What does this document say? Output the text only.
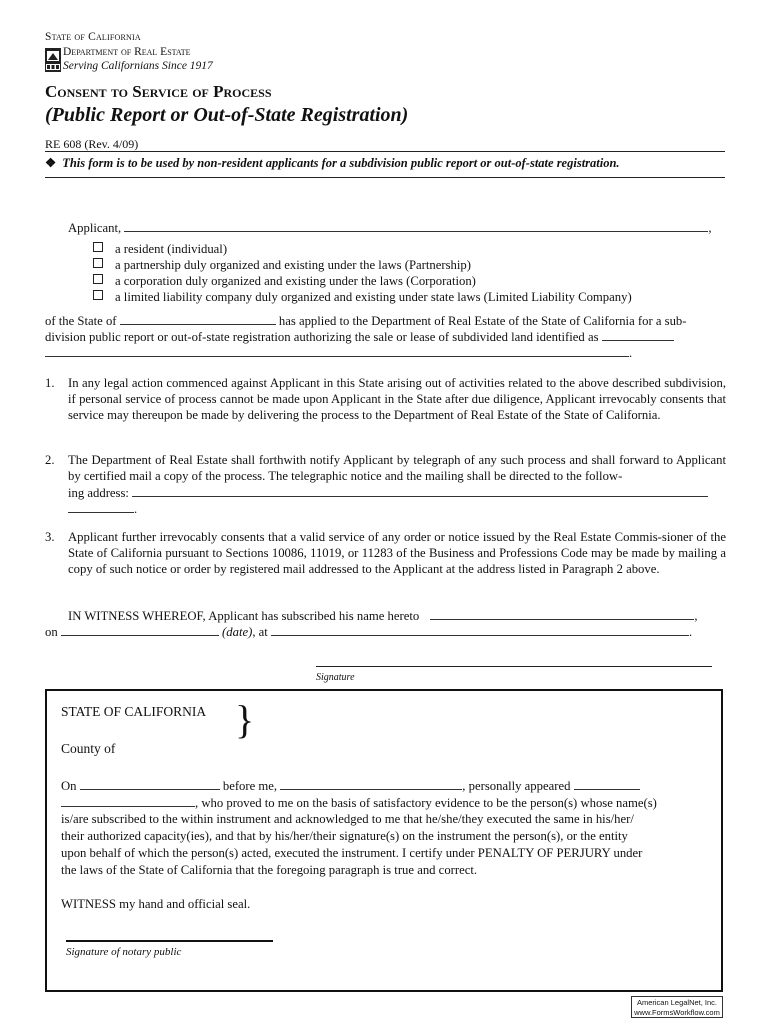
State of California
Department of Real Estate
Serving Californians Since 1917
Consent to Service of Process
(Public Report or Out-of-State Registration)
RE 608 (Rev. 4/09)
❖ This form is to be used by non-resident applicants for a subdivision public report or out-of-state registration.
Applicant,	,
a resident (individual)
a partnership duly organized and existing under the laws (Partnership)
a corporation duly organized and existing under the laws (Corporation)
a limited liability company duly organized and existing under state laws (Limited Liability Company)
of the State of	has applied to the Department of Real Estate of the State of California for a sub-
division public report or out-of-state registration authorizing the sale or lease of subdivided land identified as
.
1. In any legal action commenced against Applicant in this State arising out of activities related to the above described subdivision, if personal service of process cannot be made upon Applicant in the State after due diligence, Applicant irrevocably consents that service may thereupon be made by delivering the process to the Department of Real Estate of the State of California.
2. The Department of Real Estate shall forthwith notify Applicant by telegraph of any such process and shall forward to Applicant by certified mail a copy of the process. The telegraphic notice and the mailing shall be directed to the follow-
ing address:
.
3. Applicant further irrevocably consents that a valid service of any order or notice issued by the Real Estate Commis-sioner of the State of California pursuant to Sections 10086, 11019, or 11283 of the Business and Professions Code may be made by mailing a copy of such notice or order by registered mail addressed to the Applicant at the address listed in Paragraph 2 above.
IN WITNESS WHEREOF, Applicant has subscribed his name hereto	,
on	(date), at	.
Signature
STATE OF CALIFORNIA }
County of
On	before me,	, personally appeared
, who proved to me on the basis of satisfactory evidence to be the person(s) whose name(s)
is/are subscribed to the within instrument and acknowledged to me that he/she/they executed the same in his/her/
their authorized capacity(ies), and that by his/her/their signature(s) on the instrument the person(s), or the entity
upon behalf of which the person(s) acted, executed the instrument. I certify under PENALTY OF PERJURY under
the laws of the State of California that the foregoing paragraph is true and correct.
WITNESS my hand and official seal.
Signature of notary public
American LegalNet, Inc.
www.FormsWorkflow.com
